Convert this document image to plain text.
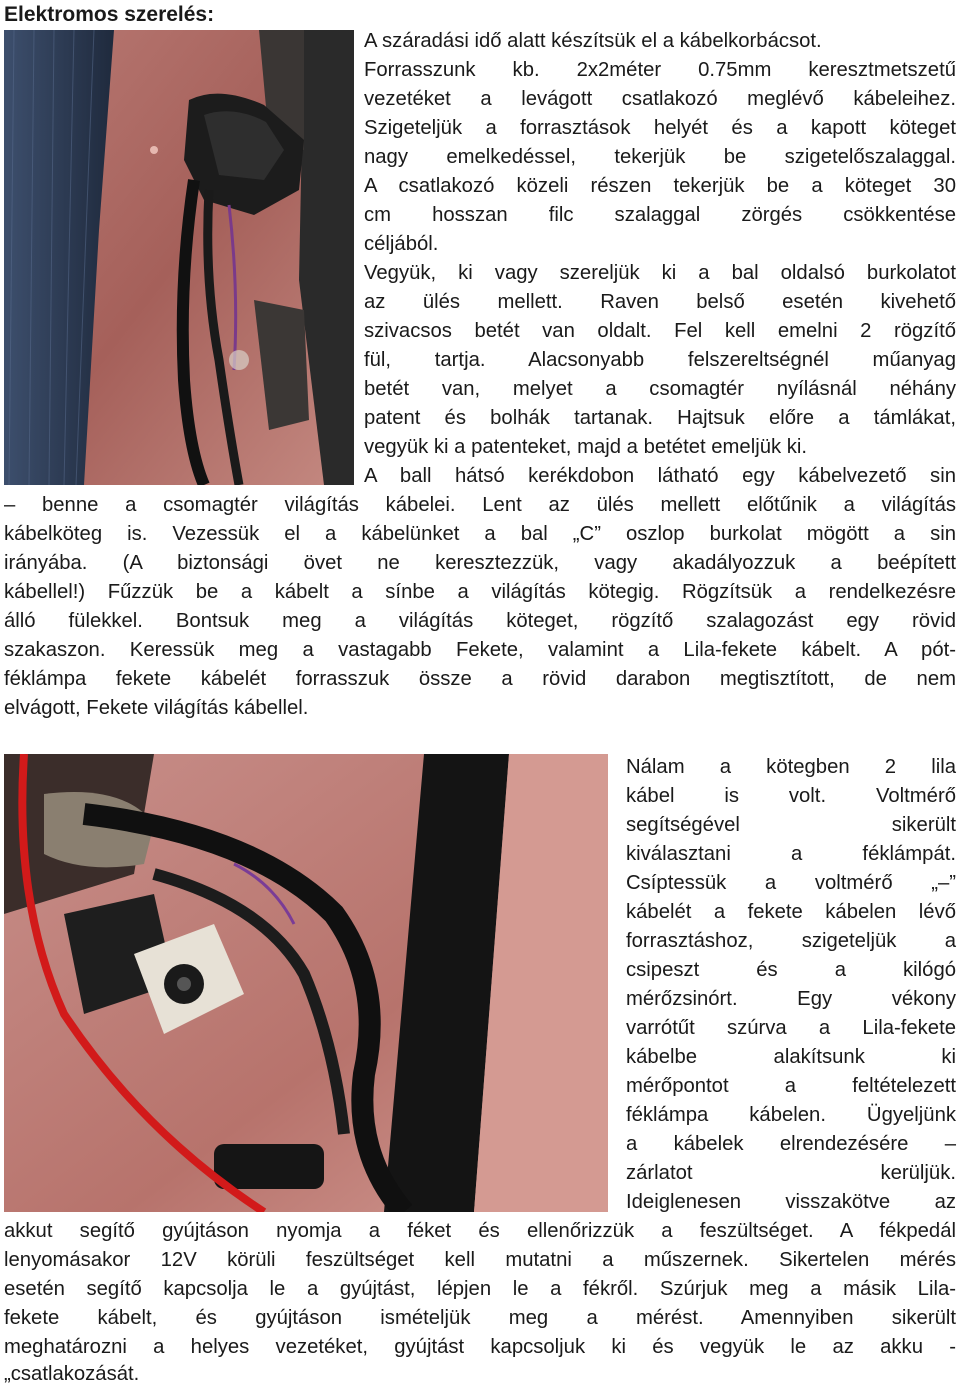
Elektromos szerelés:
A száradási idő alatt készítsük el a kábelkorbácsot.
Forrasszunk kb. 2x2méter 0.75mm keresztmetszetű
vezetéket a levágott csatlakozó meglévő kábeleihez.
Szigeteljük a forrasztások helyét és a kapott köteget
nagy emelkedéssel, tekerjük be szigetelőszalaggal.
A csatlakozó közeli részen tekerjük be a köteget 30
cm hosszan filc szalaggal zörgés csökkentése
céljából.
Vegyük, ki vagy szereljük ki a bal oldalsó burkolatot
az ülés mellett. Raven belső esetén kivehető
szivacsos betét van oldalt. Fel kell emelni 2 rögzítő
fül, tartja. Alacsonyabb felszereltségnél műanyag
betét van, melyet a csomagtér nyílásnál néhány
patent és bolhák tartanak. Hajtsuk előre a támlákat,
vegyük ki a patenteket, majd a betétet emeljük ki.
A ball hátsó kerékdobon látható egy kábelvezető sin
– benne a csomagtér világítás kábelei. Lent az ülés mellett előtűnik a világítás
kábelköteg is. Vezessük el a kábelünket a bal „C” oszlop burkolat mögött a sin
irányába. (A biztonsági övet ne keresztezzük, vagy akadályozzuk a beépített
kábellel!) Fűzzük be a kábelt a sínbe a világítás kötegig. Rögzítsük a rendelkezésre
álló fülekkel. Bontsuk meg a világítás köteget, rögzítő szalagozást egy rövid
szakaszon. Keressük meg a vastagabb Fekete, valamint a Lila-fekete kábelt. A pót-
féklámpa fekete kábelét forrasszuk össze a rövid darabon megtisztított, de nem
elvágott, Fekete világítás kábellel.
Nálam a kötegben 2 lila
kábel is volt. Voltmérő
segítségével sikerült
kiválasztani a féklámpát.
Csíptessük a voltmérő „–”
kábelét a fekete kábelen lévő
forrasztáshoz, szigeteljük a
csipeszt és a kilógó
mérőzsinórt. Egy vékony
varrótűt szúrva a Lila-fekete
kábelbe alakítsunk ki
mérőpontot a feltételezett
féklámpa kábelen. Ügyeljünk
a kábelek elrendezésére –
zárlatot kerüljük.
Ideiglenesen visszakötve az
akkut segítő gyújtáson nyomja a féket és ellenőrizzük a feszültséget. A fékpedál
lenyomásakor 12V körüli feszültséget kell mutatni a műszernek. Sikertelen mérés
esetén segítő kapcsolja le a gyújtást, lépjen le a fékről. Szúrjuk meg a másik Lila-
fekete kábelt, és gyújtáson ismételjük meg a mérést. Amennyiben sikerült
meghatározni a helyes vezetéket, gyújtást kapcsoljuk ki és vegyük le az akku -
„csatlakozását.
